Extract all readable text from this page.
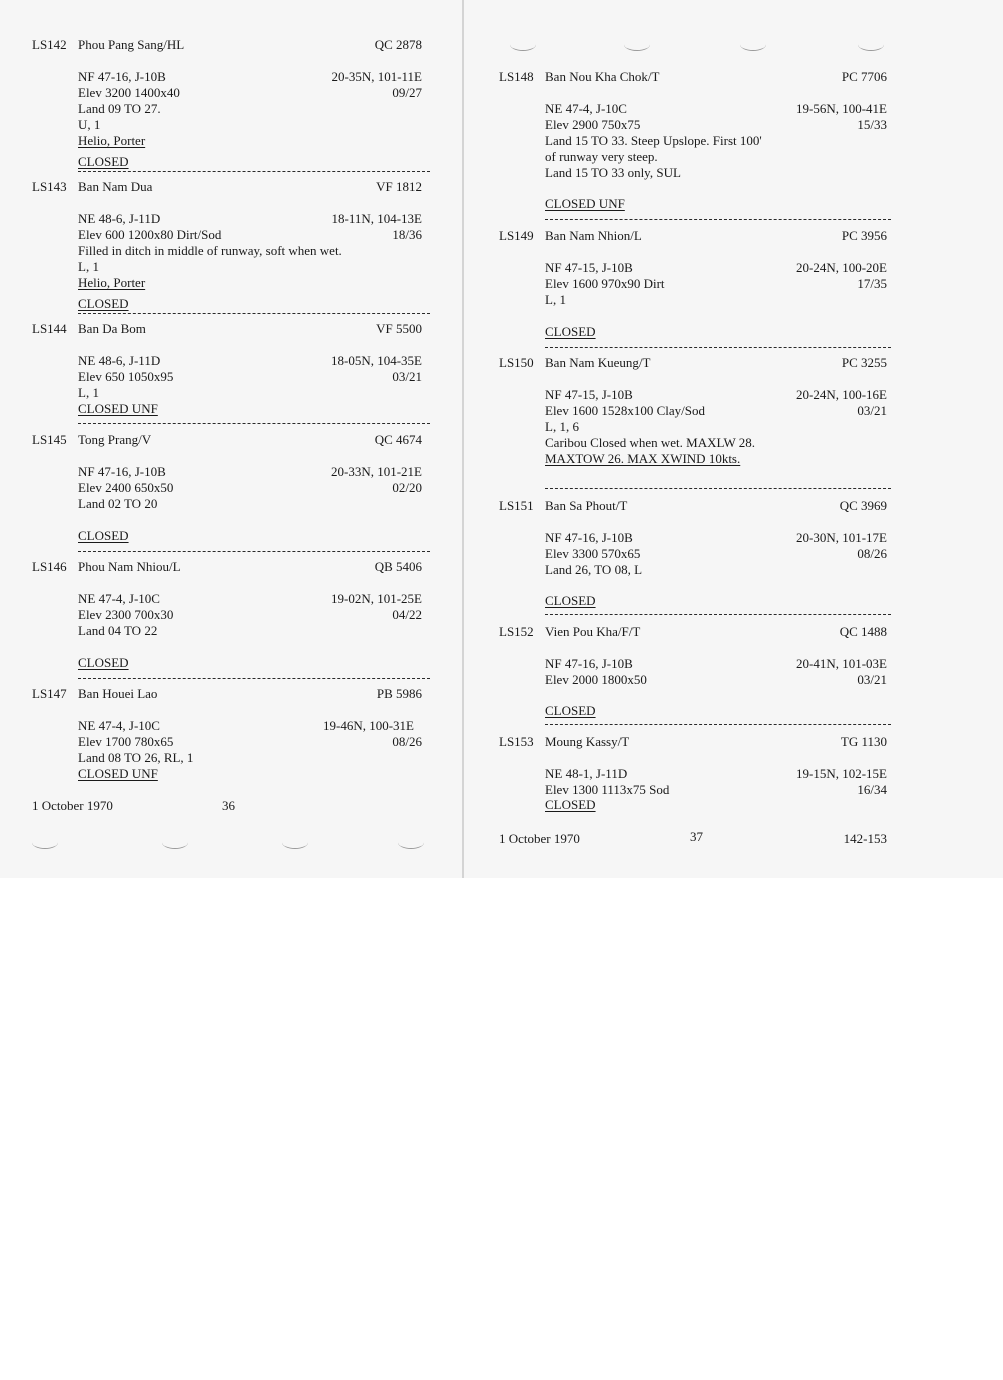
LS142 Phou Pang Sang/HL	QC 2878
NF 47-16, J-10B	20-35N, 101-11E
Elev 3200 1400x40	09/27
Land 09 TO 27.
U, 1
Helio, Porter
CLOSED
LS143 Ban Nam Dua	VF 1812
NE 48-6, J-11D	18-11N, 104-13E
Elev 600 1200x80 Dirt/Sod	18/36
Filled in ditch in middle of runway, soft when wet.
L, 1
Helio, Porter
CLOSED
LS144 Ban Da Bom	VF 5500
NE 48-6, J-11D	18-05N, 104-35E
Elev 650 1050x95	03/21
L, 1
CLOSED UNF
LS145 Tong Prang/V	QC 4674
NF 47-16, J-10B	20-33N, 101-21E
Elev 2400 650x50	02/20
Land 02 TO 20
CLOSED
LS146 Phou Nam Nhiou/L	QB 5406
NE 47-4, J-10C	19-02N, 101-25E
Elev 2300 700x30	04/22
Land 04 TO 22
CLOSED
LS147 Ban Houei Lao	PB 5986
NE 47-4, J-10C	19-46N, 100-31E
Elev 1700 780x65	08/26
Land 08 TO 26, RL, 1
CLOSED UNF
1 October 1970	36
LS148 Ban Nou Kha Chok/T	PC 7706
NE 47-4, J-10C	19-56N, 100-41E
Elev 2900 750x75	15/33
Land 15 TO 33. Steep Upslope. First 100'
of runway very steep.
Land 15 TO 33 only, SUL
CLOSED UNF
LS149 Ban Nam Nhion/L	PC 3956
NF 47-15, J-10B	20-24N, 100-20E
Elev 1600 970x90 Dirt	17/35
L, 1
CLOSED
LS150 Ban Nam Kueung/T	PC 3255
NF 47-15, J-10B	20-24N, 100-16E
Elev 1600 1528x100 Clay/Sod	03/21
L, 1, 6
Caribou Closed when wet. MAXLW 28.
MAXTOW 26. MAX XWIND 10kts.
LS151 Ban Sa Phout/T	QC 3969
NF 47-16, J-10B	20-30N, 101-17E
Elev 3300 570x65	08/26
Land 26, TO 08, L
CLOSED
LS152 Vien Pou Kha/F/T	QC 1488
NF 47-16, J-10B	20-41N, 101-03E
Elev 2000 1800x50	03/21
CLOSED
LS153 Moung Kassy/T	TG 1130
NE 48-1, J-11D	19-15N, 102-15E
Elev 1300 1113x75 Sod	16/34
CLOSED
1 October 1970	37	142-153
